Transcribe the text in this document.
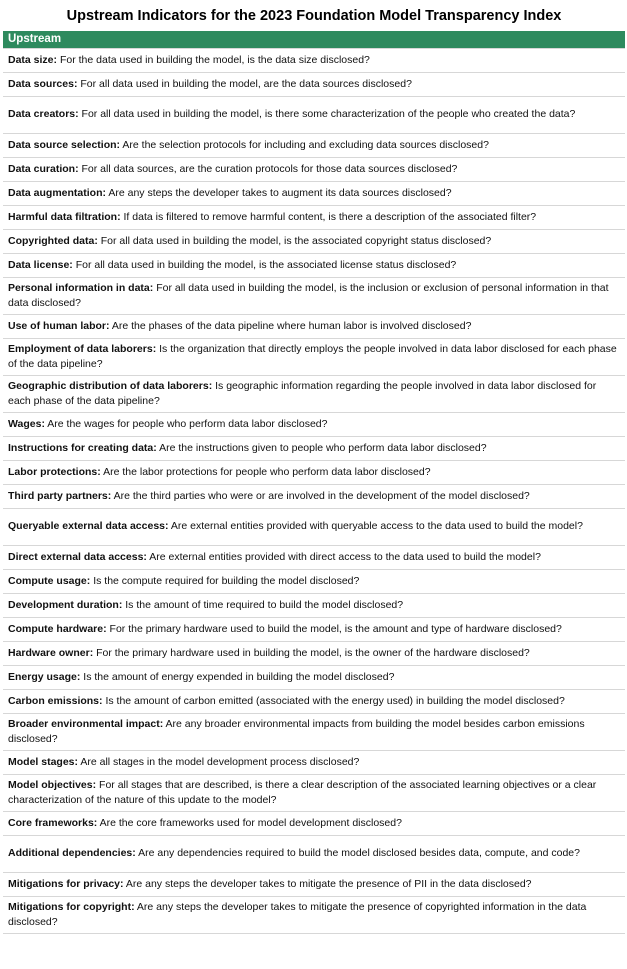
Upstream Indicators for the 2023 Foundation Model Transparency Index
Upstream
Data size: For the data used in building the model, is the data size disclosed?
Data sources: For all data used in building the model, are the data sources disclosed?
Data creators: For all data used in building the model, is there some characterization of the people who created the data?
Data source selection: Are the selection protocols for including and excluding data sources disclosed?
Data curation: For all data sources, are the curation protocols for those data sources disclosed?
Data augmentation: Are any steps the developer takes to augment its data sources disclosed?
Harmful data filtration: If data is filtered to remove harmful content, is there a description of the associated filter?
Copyrighted data: For all data used in building the model, is the associated copyright status disclosed?
Data license: For all data used in building the model, is the associated license status disclosed?
Personal information in data: For all data used in building the model, is the inclusion or exclusion of personal information in that data disclosed?
Use of human labor: Are the phases of the data pipeline where human labor is involved disclosed?
Employment of data laborers: Is the organization that directly employs the people involved in data labor disclosed for each phase of the data pipeline?
Geographic distribution of data laborers: Is geographic information regarding the people involved in data labor disclosed for each phase of the data pipeline?
Wages: Are the wages for people who perform data labor disclosed?
Instructions for creating data: Are the instructions given to people who perform data labor disclosed?
Labor protections: Are the labor protections for people who perform data labor disclosed?
Third party partners: Are the third parties who were or are involved in the development of the model disclosed?
Queryable external data access: Are external entities provided with queryable access to the data used to build the model?
Direct external data access: Are external entities provided with direct access to the data used to build the model?
Compute usage: Is the compute required for building the model disclosed?
Development duration: Is the amount of time required to build the model disclosed?
Compute hardware: For the primary hardware used to build the model, is the amount and type of hardware disclosed?
Hardware owner: For the primary hardware used in building the model, is the owner of the hardware disclosed?
Energy usage: Is the amount of energy expended in building the model disclosed?
Carbon emissions: Is the amount of carbon emitted (associated with the energy used) in building the model disclosed?
Broader environmental impact: Are any broader environmental impacts from building the model besides carbon emissions disclosed?
Model stages: Are all stages in the model development process disclosed?
Model objectives: For all stages that are described, is there a clear description of the associated learning objectives or a clear characterization of the nature of this update to the model?
Core frameworks: Are the core frameworks used for model development disclosed?
Additional dependencies: Are any dependencies required to build the model disclosed besides data, compute, and code?
Mitigations for privacy: Are any steps the developer takes to mitigate the presence of PII in the data disclosed?
Mitigations for copyright: Are any steps the developer takes to mitigate the presence of copyrighted information in the data disclosed?
